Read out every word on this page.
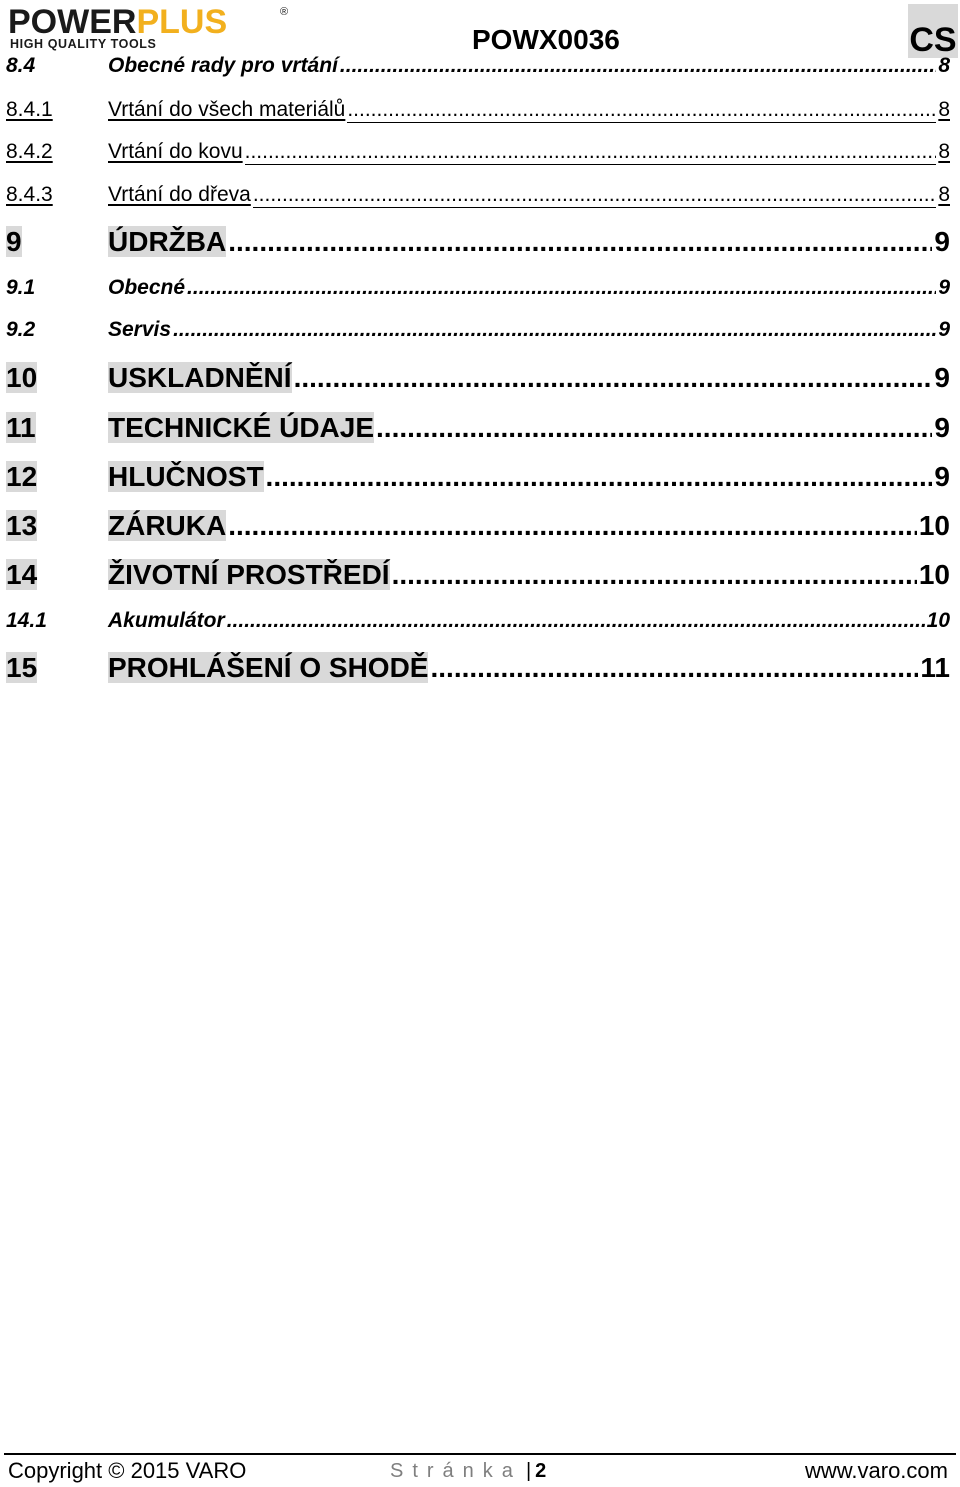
POWERPLUS	®
HIGH QUALITY TOOLS	POWX0036	CS
8.4	Obecné rady pro vrtání .....	8
8.4.1	Vrtání do všech materiálů .....	8
8.4.2	Vrtání do kovu .....	8
8.4.3	Vrtání do dřeva .....	8
9	ÚDRŽBA .....	9
9.1	Obecné .....	9
9.2	Servis .....	9
10	USKLADNĚNÍ .....	9
11	TECHNICKÉ ÚDAJE .....	9
12	HLUČNOST .....	9
13	ZÁRUKA .....	10
14	ŽIVOTNÍ PROSTŘEDÍ .....	10
14.1	Akumulátor .....	10
15	PROHLÁŠENÍ O SHODĚ .....	11
Copyright © 2015 VARO	Stránka | 2	www.varo.com
